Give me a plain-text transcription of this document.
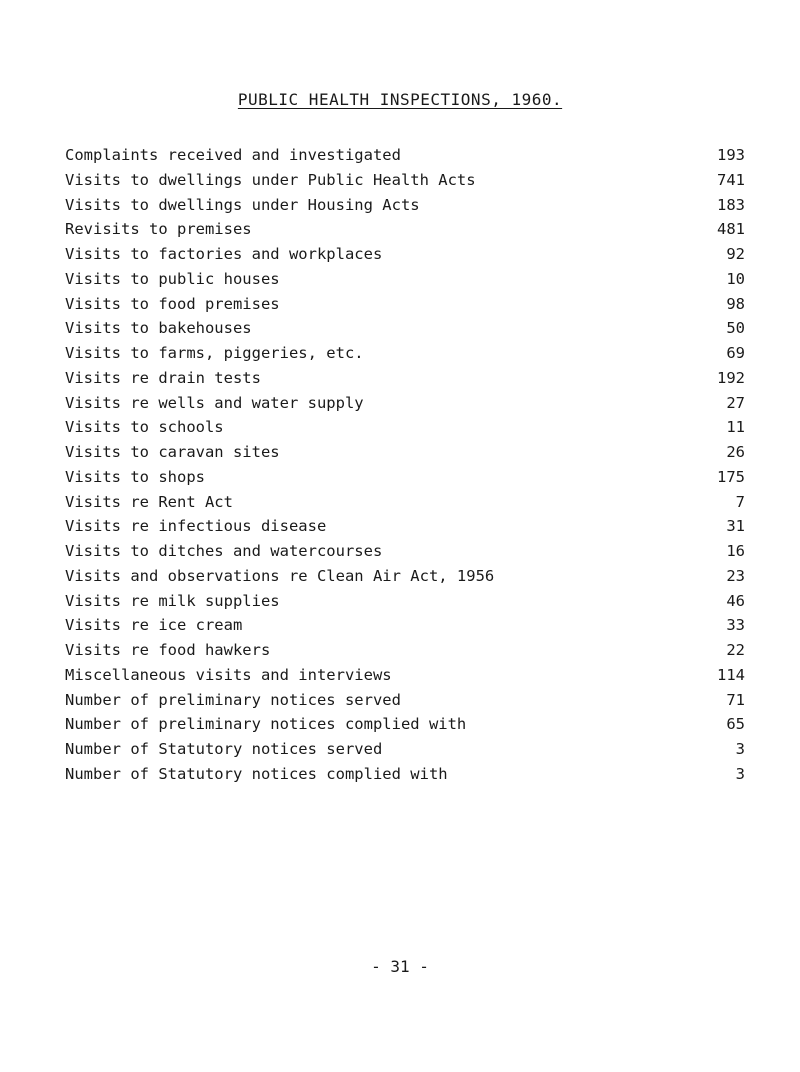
PUBLIC HEALTH INSPECTIONS, 1960.
Complaints received and investigated	193
Visits to dwellings under Public Health Acts	741
Visits to dwellings under Housing Acts	183
Revisits to premises	481
Visits to factories and workplaces	92
Visits to public houses	10
Visits to food premises	98
Visits to bakehouses	50
Visits to farms, piggeries, etc.	69
Visits re drain tests	192
Visits re wells and water supply	27
Visits to schools	11
Visits to caravan sites	26
Visits to shops	175
Visits re Rent Act	7
Visits re infectious disease	31
Visits to ditches and watercourses	16
Visits and observations re Clean Air Act, 1956	23
Visits re milk supplies	46
Visits re ice cream	33
Visits re food hawkers	22
Miscellaneous visits and interviews	114
Number of preliminary notices served	71
Number of preliminary notices complied with	65
Number of Statutory notices served	3
Number of Statutory notices complied with	3
- 31 -
